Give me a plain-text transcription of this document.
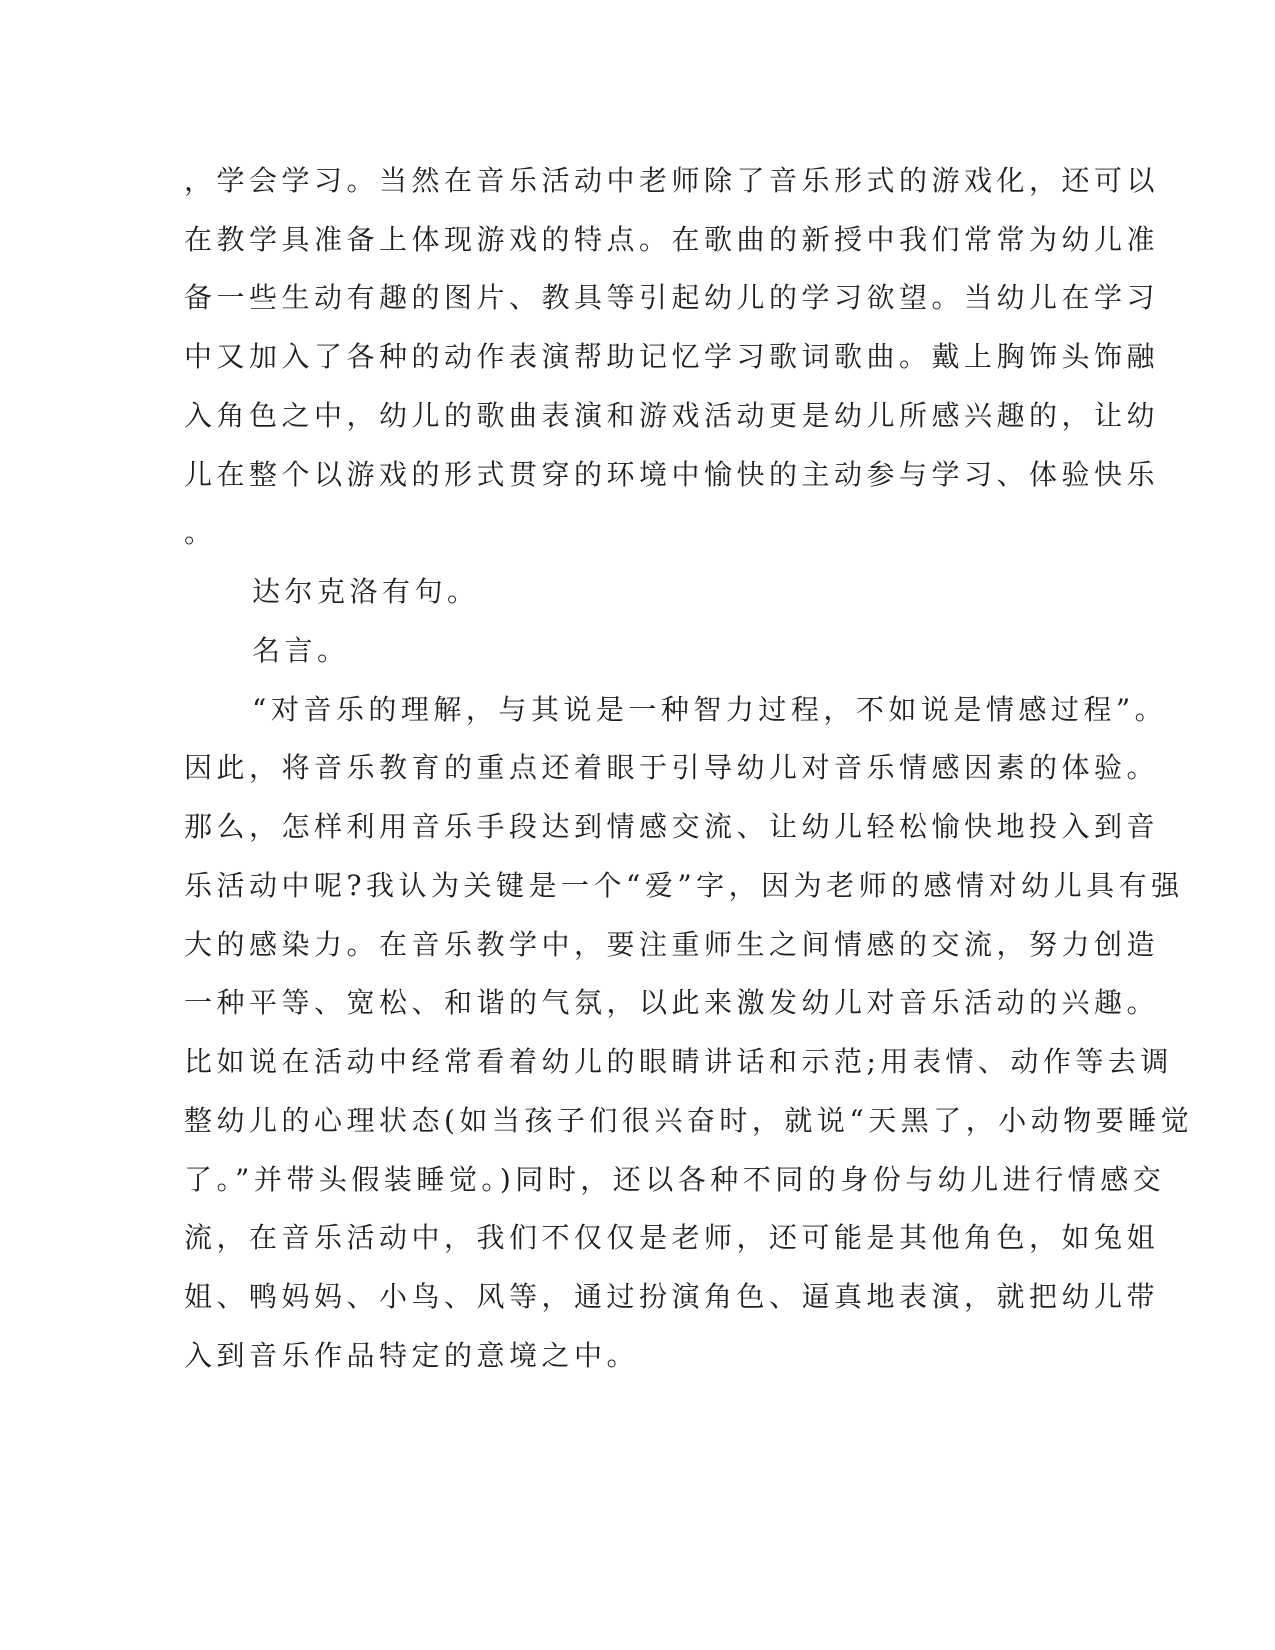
，学会学习。当然在音乐活动中老师除了音乐形式的游戏化，还可以
在教学具准备上体现游戏的特点。在歌曲的新授中我们常常为幼儿准
备一些生动有趣的图片、教具等引起幼儿的学习欲望。当幼儿在学习
中又加入了各种的动作表演帮助记忆学习歌词歌曲。戴上胸饰头饰融
入角色之中，幼儿的歌曲表演和游戏活动更是幼儿所感兴趣的，让幼
儿在整个以游戏的形式贯穿的环境中愉快的主动参与学习、体验快乐
。
达尔克洛有句。
名言。
“对音乐的理解，与其说是一种智力过程，不如说是情感过程”。
因此，将音乐教育的重点还着眼于引导幼儿对音乐情感因素的体验。
那么，怎样利用音乐手段达到情感交流、让幼儿轻松愉快地投入到音
乐活动中呢?我认为关键是一个“爱”字，因为老师的感情对幼儿具有强
大的感染力。在音乐教学中，要注重师生之间情感的交流，努力创造
一种平等、宽松、和谐的气氛，以此来激发幼儿对音乐活动的兴趣。
比如说在活动中经常看着幼儿的眼睛讲话和示范;用表情、动作等去调
整幼儿的心理状态(如当孩子们很兴奋时，就说“天黑了，小动物要睡觉
了。”并带头假装睡觉。)同时，还以各种不同的身份与幼儿进行情感交
流，在音乐活动中，我们不仅仅是老师，还可能是其他角色，如兔姐
姐、鸭妈妈、小鸟、风等，通过扮演角色、逼真地表演，就把幼儿带
入到音乐作品特定的意境之中。
